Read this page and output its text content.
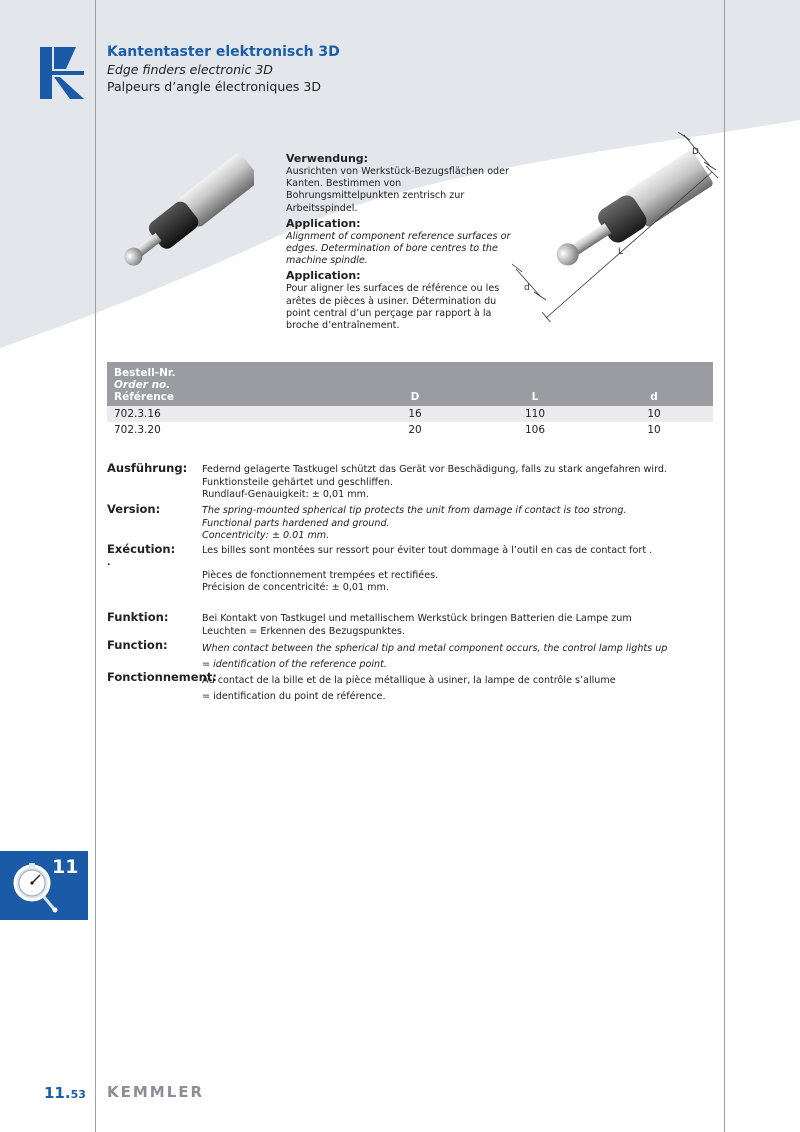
Kantentaster elektronisch 3D
Edge finders electronic 3D
Palpeurs d’angle électroniques 3D
Verwendung:
Ausrichten von Werkstück-Bezugsflächen oder Kanten. Bestimmen von Bohrungsmittelpunkten zentrisch zur Arbeitsspindel.
Application:
Alignment of component reference surfaces or edges. Determination of bore centres to the machine spindle.
Application:
Pour aligner les surfaces de référence ou les arêtes de pièces à usiner. Détermination du point central d’un perçage par rapport à la broche d’entraînement.
D
L
d
Bestell-Nr.
Order no.
Référence	D	L	d
702.3.16	16	110	10
702.3.20	20	106	10
Ausführung: Federnd gelagerte Tastkugel schützt das Gerät vor Beschädigung, falls zu stark angefahren wird.
Funktionsteile gehärtet und geschliffen.
Rundlauf-Genauigkeit: ± 0,01 mm.
Version:	The spring-mounted spherical tip protects the unit from damage if contact is too strong.
Functional parts hardened and ground.
Concentricity: ± 0.01 mm.
Exécution:
.
Les billes sont montées sur ressort pour éviter tout dommage à l’outil en cas de contact fort .
Pièces de fonctionnement trempées et rectifiées.
Précision de concentricité: ± 0,01 mm.
Funktion:	Bei Kontakt von Tastkugel und metallischem Werkstück bringen Batterien die Lampe zum
Leuchten = Erkennen des Bezugspunktes.
Function:	When contact between the spherical tip and metal component occurs, the control lamp lights up
= identification of the reference point.
Fonctionnement:
Au contact de la bille et de la pièce métallique à usiner, la lampe de contrôle s’allume
= identification du point de référence.
11
11.53 KEMMLER
